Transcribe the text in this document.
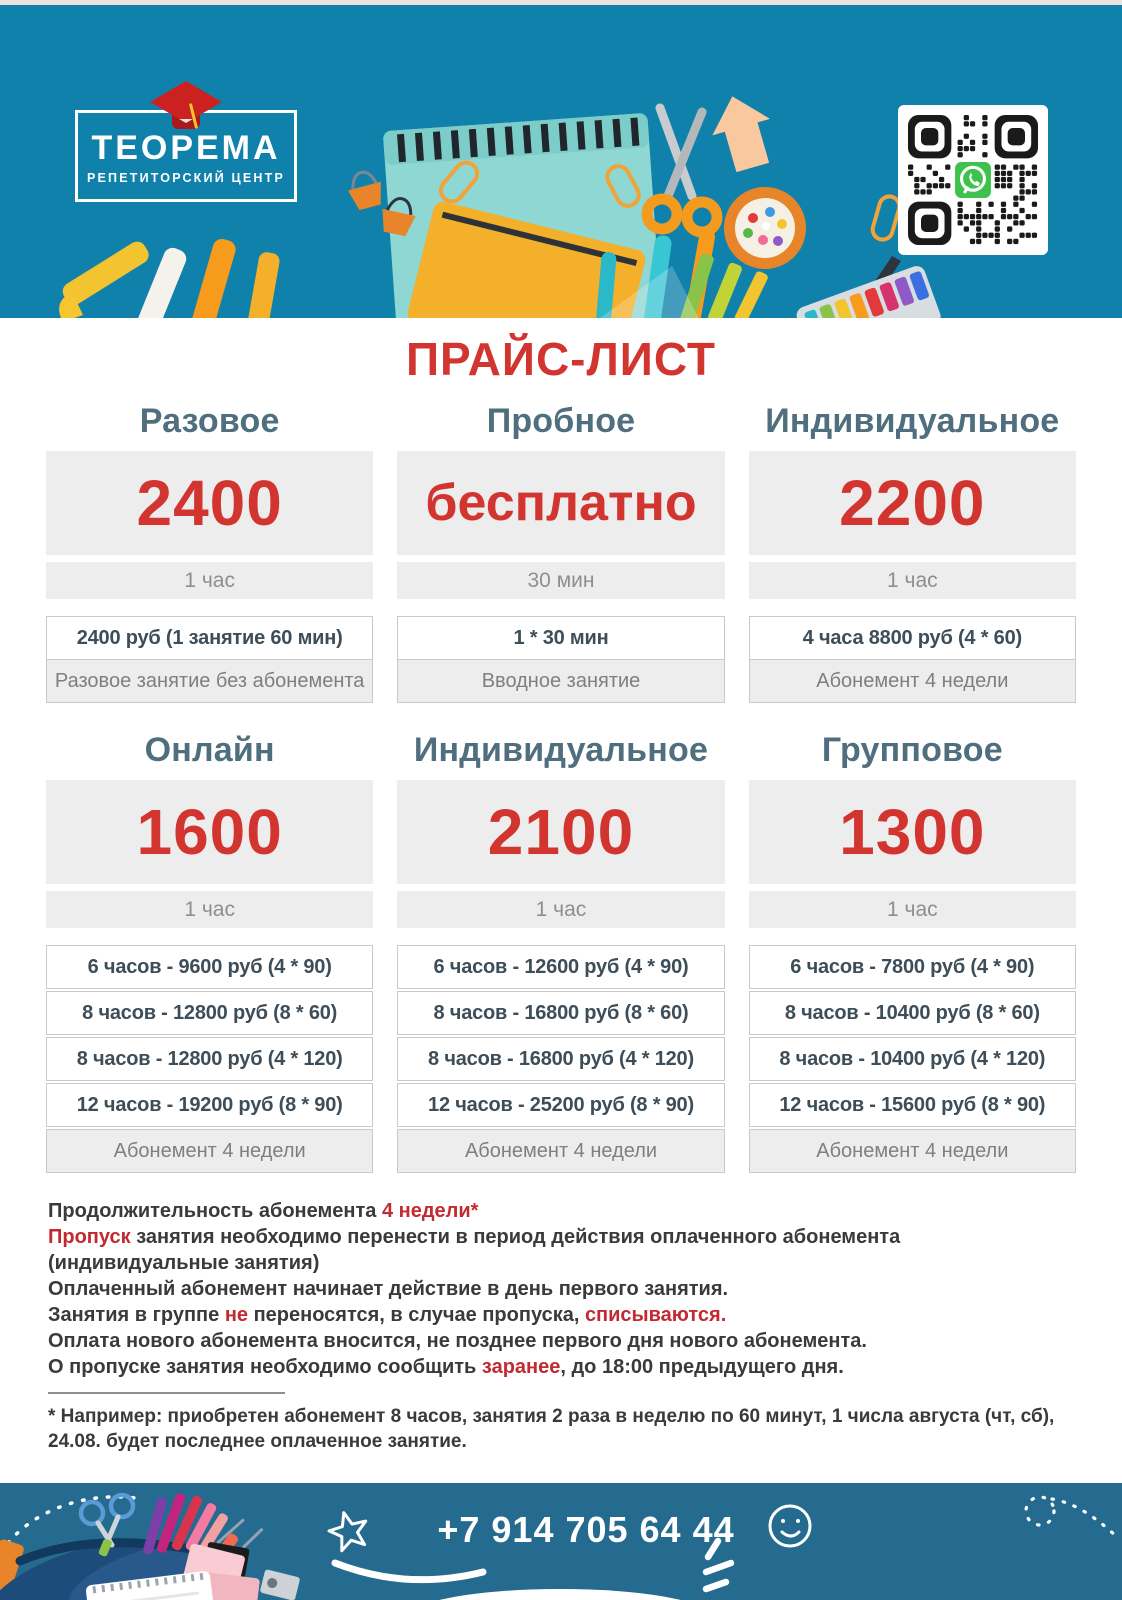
ТЕОРЕМА
РЕПЕТИТОРСКИЙ ЦЕНТР
ПРАЙС-ЛИСТ
Разовое
2400
1 час
2400 руб (1 занятие 60 мин)
Разовое занятие без абонемента
Пробное
бесплатно
30 мин
1 * 30 мин
Вводное занятие
Индивидуальное
2200
1 час
4 часа 8800 руб (4 * 60)
Абонемент 4 недели
Онлайн
1600
1 час
6 часов - 9600 руб (4 * 90)
8 часов - 12800 руб (8 * 60)
8 часов - 12800 руб (4 * 120)
12 часов - 19200 руб (8 * 90)
Абонемент 4 недели
Индивидуальное
2100
1 час
6 часов - 12600 руб (4 * 90)
8 часов - 16800 руб (8 * 60)
8 часов - 16800 руб (4 * 120)
12 часов - 25200 руб (8 * 90)
Абонемент 4 недели
Групповое
1300
1 час
6 часов - 7800 руб (4 * 90)
8 часов - 10400 руб (8 * 60)
8 часов - 10400 руб (4 * 120)
12 часов - 15600 руб (8 * 90)
Абонемент 4 недели

Продолжительность абонемента 4 недели*

Пропуск занятия необходимо перенести в период действия оплаченного абонемента

(индивидуальные занятия)

Оплаченный абонемент начинает действие в день первого занятия.

Занятия в группе не переносятся, в случае пропуска, списываются.

Оплата нового абонемента вносится, не позднее первого дня нового абонемента.

О пропуске занятия необходимо сообщить заранее, до 18:00 предыдущего дня.

* Например: приобретен абонемент 8 часов, занятия 2 раза в неделю по 60 минут, 1 числа августа (чт, сб), 24.08. будет последнее оплаченное занятие.

+7 914 705 64 44
